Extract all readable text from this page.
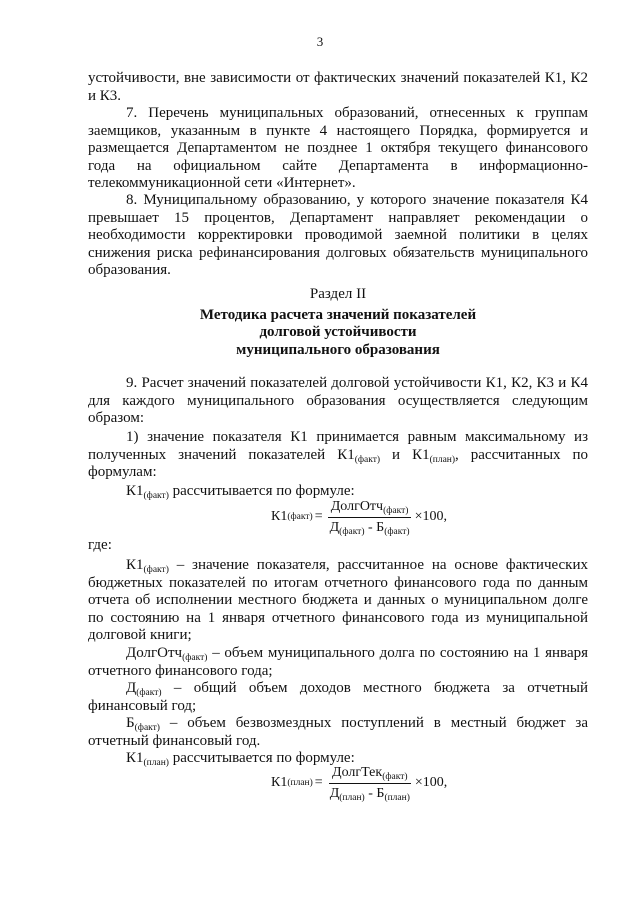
3

устойчивости, вне зависимости от фактических значений показателей К1, К2 и К3.

7. Перечень муниципальных образований, отнесенных к группам заемщиков, указанным в пункте 4 настоящего Порядка, формируется и размещается Департаментом не позднее 1 октября текущего финансового года на официальном сайте Департамента в информационно-телекоммуникационной сети «Интернет».

8. Муниципальному образованию, у которого значение показателя К4 превышает 15 процентов, Департамент направляет рекомендации о необходимости корректировки проводимой заемной политики в целях снижения риска рефинансирования долговых обязательств муниципального образования.

Раздел II

Методика расчета значений показателей

долговой устойчивости

муниципального образования

9. Расчет значений показателей долговой устойчивости К1, К2, К3 и К4 для каждого муниципального образования осуществляется следующим образом:

1) значение показателя К1 принимается равным максимальному из полученных значений показателей $К1_{(факт)}$ и $К1_{(план)}$, рассчитанных по формулам:

$К1_{(факт)}$ рассчитывается по формуле:

К1 (факт) = $\frac{ДолгОтч_{(факт)}}{Д_{(факт)} - Б_{(факт)}} \times 100$,

где:

$К1_{(факт)}$ – значение показателя, рассчитанное на основе фактических бюджетных показателей по итогам отчетного финансового года по данным отчета об исполнении местного бюджета и данных о муниципальном долге по состоянию на 1 января отчетного финансового года из муниципальной долговой книги;

ДолгОтч$_{(факт)}$ – объем муниципального долга по состоянию на 1 января отчетного финансового года;

$Д_{(факт)}$ – общий объем доходов местного бюджета за отчетный финансовый год;

$Б_{(факт)}$ – объем безвозмездных поступлений в местный бюджет за отчетный финансовый год.

$К1_{(план)}$ рассчитывается по формуле:

К1 (план) = $\frac{ДолгТек_{(факт)}}{Д_{(план)} - Б_{(план)}} \times 100$,
